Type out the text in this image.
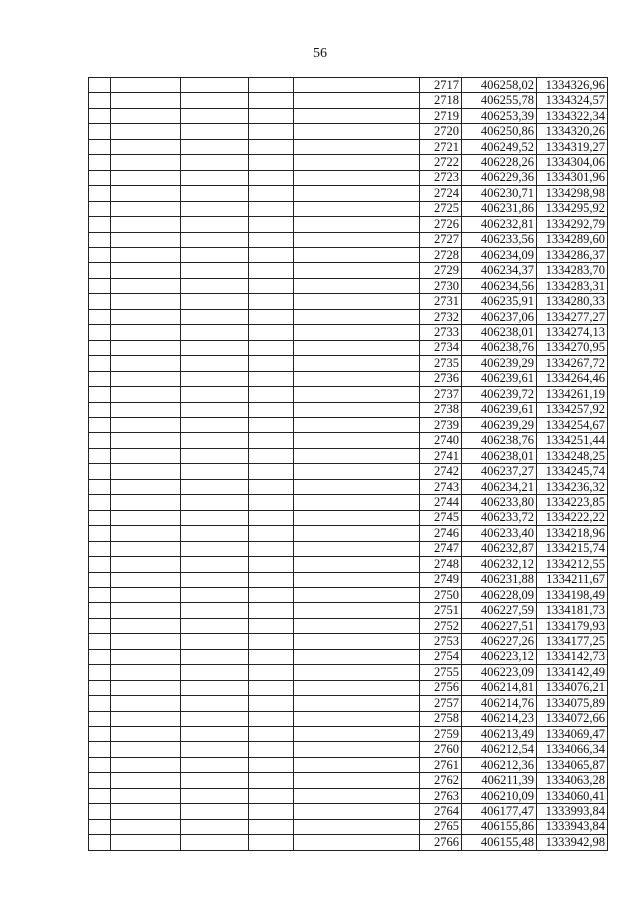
56
					2717	406258,02	1334326,96
					2718	406255,78	1334324,57
					2719	406253,39	1334322,34
					2720	406250,86	1334320,26
					2721	406249,52	1334319,27
					2722	406228,26	1334304,06
					2723	406229,36	1334301,96
					2724	406230,71	1334298,98
					2725	406231,86	1334295,92
					2726	406232,81	1334292,79
					2727	406233,56	1334289,60
					2728	406234,09	1334286,37
					2729	406234,37	1334283,70
					2730	406234,56	1334283,31
					2731	406235,91	1334280,33
					2732	406237,06	1334277,27
					2733	406238,01	1334274,13
					2734	406238,76	1334270,95
					2735	406239,29	1334267,72
					2736	406239,61	1334264,46
					2737	406239,72	1334261,19
					2738	406239,61	1334257,92
					2739	406239,29	1334254,67
					2740	406238,76	1334251,44
					2741	406238,01	1334248,25
					2742	406237,27	1334245,74
					2743	406234,21	1334236,32
					2744	406233,80	1334223,85
					2745	406233,72	1334222,22
					2746	406233,40	1334218,96
					2747	406232,87	1334215,74
					2748	406232,12	1334212,55
					2749	406231,88	1334211,67
					2750	406228,09	1334198,49
					2751	406227,59	1334181,73
					2752	406227,51	1334179,93
					2753	406227,26	1334177,25
					2754	406223,12	1334142,73
					2755	406223,09	1334142,49
					2756	406214,81	1334076,21
					2757	406214,76	1334075,89
					2758	406214,23	1334072,66
					2759	406213,49	1334069,47
					2760	406212,54	1334066,34
					2761	406212,36	1334065,87
					2762	406211,39	1334063,28
					2763	406210,09	1334060,41
					2764	406177,47	1333993,84
					2765	406155,86	1333943,84
					2766	406155,48	1333942,98
